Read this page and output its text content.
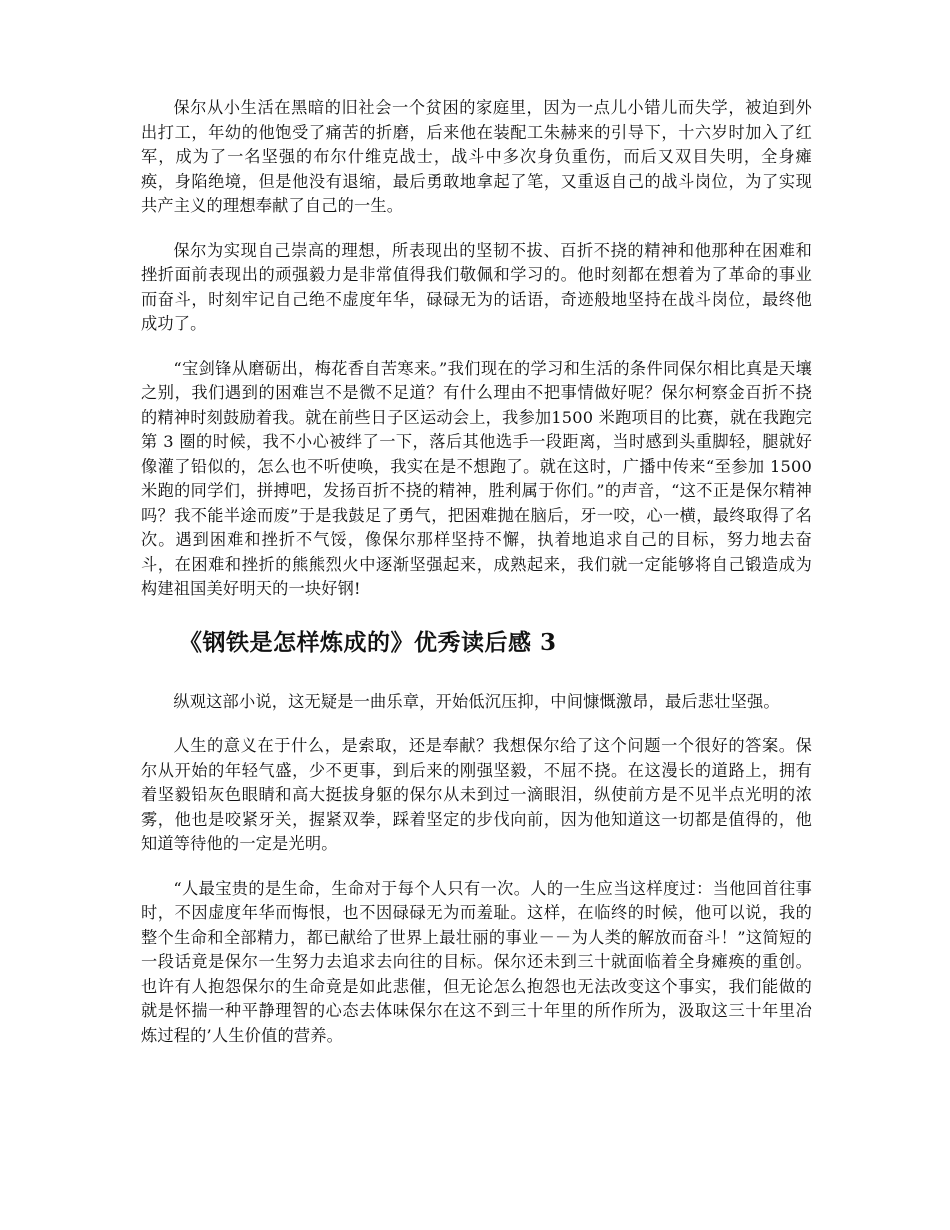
保尔从小生活在黑暗的旧社会一个贫困的家庭里，因为一点儿小错儿而失学，被迫到外出打工，年幼的他饱受了痛苦的折磨，后来他在装配工朱赫来的引导下，十六岁时加入了红军，成为了一名坚强的布尔什维克战士，战斗中多次身负重伤，而后又双目失明，全身瘫痪，身陷绝境，但是他没有退缩，最后勇敢地拿起了笔，又重返自己的战斗岗位，为了实现共产主义的理想奉献了自己的一生。

保尔为实现自己崇高的理想，所表现出的坚韧不拔、百折不挠的精神和他那种在困难和挫折面前表现出的顽强毅力是非常值得我们敬佩和学习的。他时刻都在想着为了革命的事业而奋斗，时刻牢记自己绝不虚度年华，碌碌无为的话语，奇迹般地坚持在战斗岗位，最终他成功了。

“宝剑锋从磨砺出，梅花香自苦寒来。”我们现在的学习和生活的条件同保尔相比真是天壤之别，我们遇到的困难岂不是微不足道？有什么理由不把事情做好呢？保尔柯察金百折不挠的精神时刻鼓励着我。就在前些日子区运动会上，我参加1500 米跑项目的比赛，就在我跑完第 3 圈的时候，我不小心被绊了一下，落后其他选手一段距离，当时感到头重脚轻，腿就好像灌了铅似的，怎么也不听使唤，我实在是不想跑了。就在这时，广播中传来“至参加 1500 米跑的同学们，拼搏吧，发扬百折不挠的精神，胜利属于你们。”的声音，“这不正是保尔精神吗？我不能半途而废”于是我鼓足了勇气，把困难抛在脑后，牙一咬，心一横，最终取得了名次。遇到困难和挫折不气馁，像保尔那样坚持不懈，执着地追求自己的目标，努力地去奋斗，在困难和挫折的熊熊烈火中逐渐坚强起来，成熟起来，我们就一定能够将自己锻造成为构建祖国美好明天的一块好钢!

《钢铁是怎样炼成的》优秀读后感 3

纵观这部小说，这无疑是一曲乐章，开始低沉压抑，中间慷慨激昂，最后悲壮坚强。

人生的意义在于什么，是索取，还是奉献？我想保尔给了这个问题一个很好的答案。保尔从开始的年轻气盛，少不更事，到后来的刚强坚毅，不屈不挠。在这漫长的道路上，拥有着坚毅铅灰色眼睛和高大挺拔身躯的保尔从未到过一滴眼泪，纵使前方是不见半点光明的浓雾，他也是咬紧牙关，握紧双拳，踩着坚定的步伐向前，因为他知道这一切都是值得的，他知道等待他的一定是光明。

“人最宝贵的是生命，生命对于每个人只有一次。人的一生应当这样度过：当他回首往事时，不因虚度年华而悔恨，也不因碌碌无为而羞耻。这样，在临终的时候，他可以说，我的整个生命和全部精力，都已献给了世界上最壮丽的事业－－为人类的解放而奋斗！”这简短的一段话竟是保尔一生努力去追求去向往的目标。保尔还未到三十就面临着全身瘫痪的重创。也许有人抱怨保尔的生命竟是如此悲催，但无论怎么抱怨也无法改变这个事实，我们能做的就是怀揣一种平静理智的心态去体味保尔在这不到三十年里的所作所为，汲取这三十年里冶炼过程的’人生价值的营养。
